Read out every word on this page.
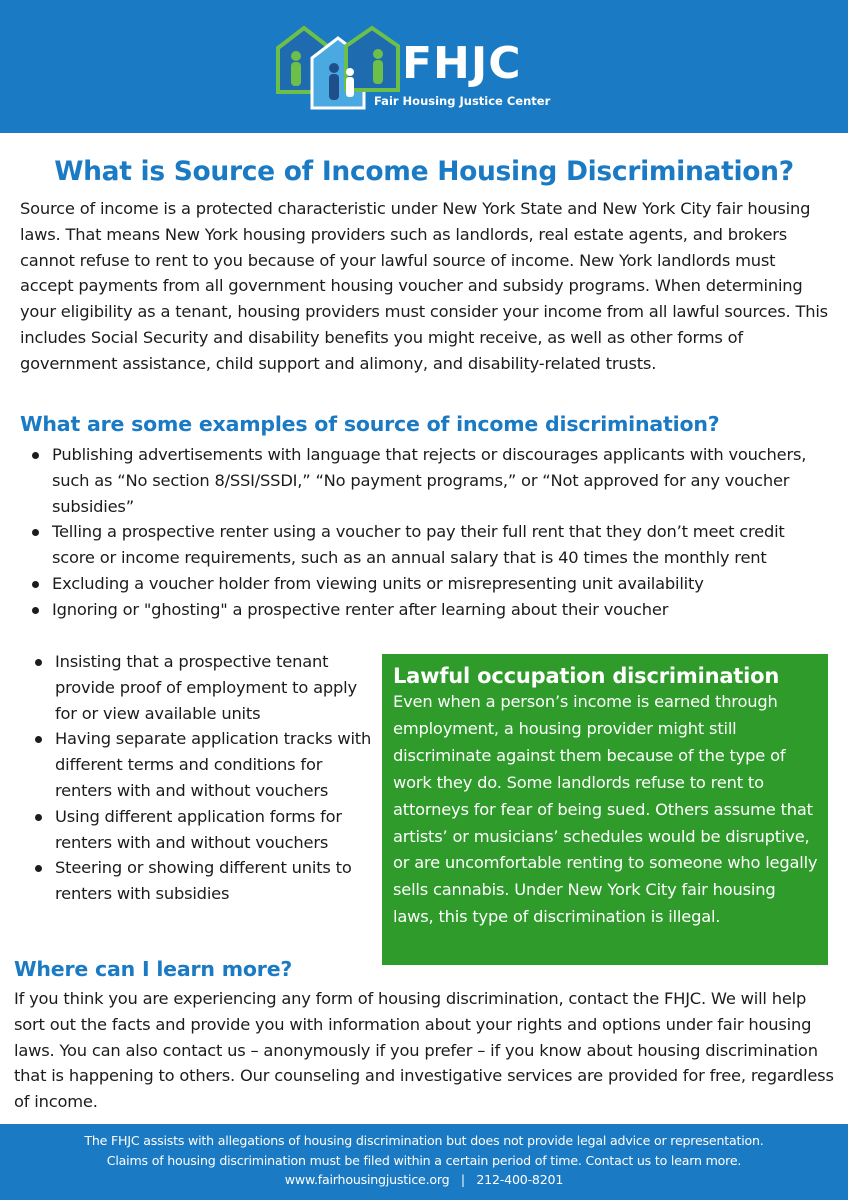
FHJC
Fair Housing Justice Center
What is Source of Income Housing Discrimination?

Source of income is a protected characteristic under New York State and New York City fair housing laws. That means New York housing providers such as landlords, real estate agents, and brokers cannot refuse to rent to you because of your lawful source of income. New York landlords must accept payments from all government housing voucher and subsidy programs. When determining your eligibility as a tenant, housing providers must consider your income from all lawful sources. This includes Social Security and disability benefits you might receive, as well as other forms of government assistance, child support and alimony, and disability-related trusts.

What are some examples of source of income discrimination?
Publishing advertisements with language that rejects or discourages applicants with vouchers, such as “No section 8/SSI/SSDI,” “No payment programs,” or “Not approved for any voucher subsidies”
Telling a prospective renter using a voucher to pay their full rent that they don’t meet credit score or income requirements, such as an annual salary that is 40 times the monthly rent
Excluding a voucher holder from viewing units or misrepresenting unit availability
Ignoring or "ghosting" a prospective renter after learning about their voucher
Insisting that a prospective tenant provide proof of employment to apply for or view available units
Having separate application tracks with different terms and conditions for renters with and without vouchers
Using different application forms for renters with and without vouchers
Steering or showing different units to renters with subsidies
Lawful occupation discrimination
Even when a person’s income is earned through employment, a housing provider might still discriminate against them because of the type of work they do. Some landlords refuse to rent to attorneys for fear of being sued. Others assume that artists’ or musicians’ schedules would be disruptive, or are uncomfortable renting to someone who legally sells cannabis. Under New York City fair housing laws, this type of discrimination is illegal.
Where can I learn more?

If you think you are experiencing any form of housing discrimination, contact the FHJC. We will help sort out the facts and provide you with information about your rights and options under fair housing laws. You can also contact us – anonymously if you prefer – if you know about housing discrimination that is happening to others. Our counseling and investigative services are provided for free, regardless of income.

The FHJC assists with allegations of housing discrimination but does not provide legal advice or representation.
Claims of housing discrimination must be filed within a certain period of time. Contact us to learn more.
www.fairhousingjustice.org | 212-400-8201
